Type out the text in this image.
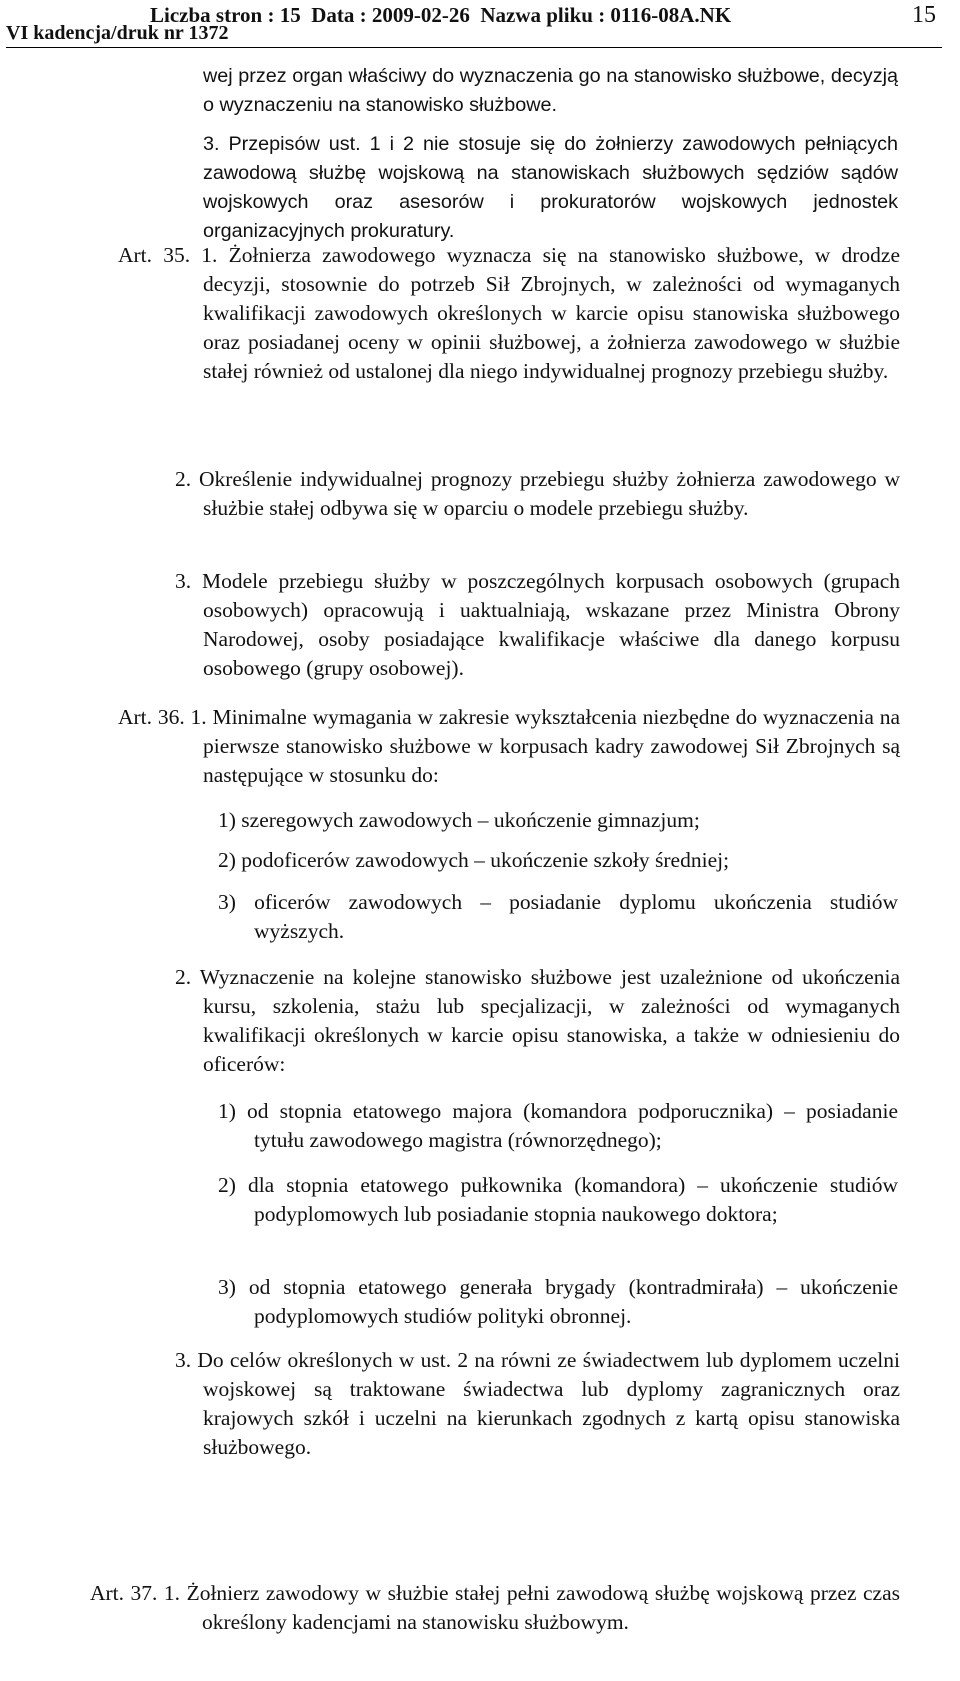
Liczba stron : 15  Data : 2009-02-26  Nazwa pliku : 0116-08A.NK
VI kadencja/druk nr 1372
15
wej przez organ właściwy do wyznaczenia go na stanowisko służbowe, decyzją o wyznaczeniu na stanowisko służbowe.
3. Przepisów ust. 1 i 2 nie stosuje się do żołnierzy zawodowych pełniących zawodową służbę wojskową na stanowiskach służbowych sędziów sądów wojskowych oraz asesorów i prokuratorów wojskowych jednostek organizacyjnych prokuratury.
Art. 35. 1. Żołnierza zawodowego wyznacza się na stanowisko służbowe, w drodze decyzji, stosownie do potrzeb Sił Zbrojnych, w zależności od wymaganych kwalifikacji zawodowych określonych w karcie opisu stanowiska służbowego oraz posiadanej oceny w opinii służbowej, a żołnierza zawodowego w służbie stałej również od ustalonej dla niego indywidualnej prognozy przebiegu służby.
2. Określenie indywidualnej prognozy przebiegu służby żołnierza zawodowego w służbie stałej odbywa się w oparciu o modele przebiegu służby.
3. Modele przebiegu służby w poszczególnych korpusach osobowych (grupach osobowych) opracowują i uaktualniają, wskazane przez Ministra Obrony Narodowej, osoby posiadające kwalifikacje właściwe dla danego korpusu osobowego (grupy osobowej).
Art. 36. 1. Minimalne wymagania w zakresie wykształcenia niezbędne do wyznaczenia na pierwsze stanowisko służbowe w korpusach kadry zawodowej Sił Zbrojnych są następujące w stosunku do:
1) szeregowych zawodowych – ukończenie gimnazjum;
2) podoficerów zawodowych – ukończenie szkoły średniej;
3) oficerów zawodowych – posiadanie dyplomu ukończenia studiów wyższych.
2. Wyznaczenie na kolejne stanowisko służbowe jest uzależnione od ukończenia kursu, szkolenia, stażu lub specjalizacji, w zależności od wymaganych kwalifikacji określonych w karcie opisu stanowiska, a także w odniesieniu do oficerów:
1) od stopnia etatowego majora (komandora podporucznika) – posiadanie tytułu zawodowego magistra (równorzędnego);
2) dla stopnia etatowego pułkownika (komandora) – ukończenie studiów podyplomowych lub posiadanie stopnia naukowego doktora;
3) od stopnia etatowego generała brygady (kontradmirała) – ukończenie podyplomowych studiów polityki obronnej.
3. Do celów określonych w ust. 2 na równi ze świadectwem lub dyplomem uczelni wojskowej są traktowane świadectwa lub dyplomy zagranicznych oraz krajowych szkół i uczelni na kierunkach zgodnych z kartą opisu stanowiska służbowego.
Art. 37. 1. Żołnierz zawodowy w służbie stałej pełni zawodową służbę wojskową przez czas określony kadencjami na stanowisku służbowym.
